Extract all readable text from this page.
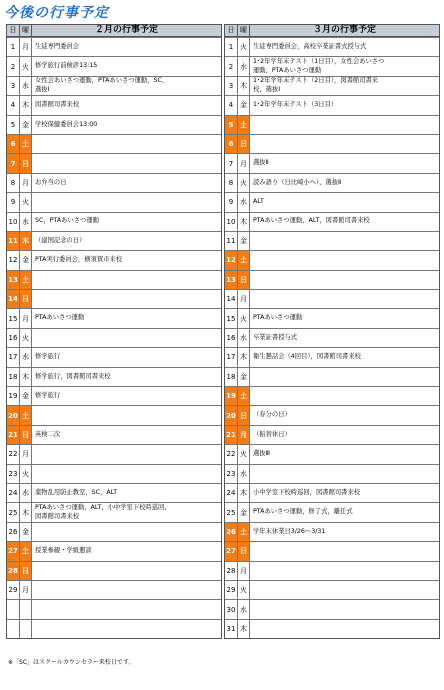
今後の行事予定
日 曜	２月の行事予定
1 月 生徒専門委員会
2 火 修学旅行前検診13:15
3 水
女性会あいさつ運動，PTAあいさつ運動，SC，
選抜Ⅰ
4 木 図書館司書来校
5 金 学校保健委員会13:00
6 土
7 日
8 月 お弁当の日
9 火
10 水 SC，PTAあいさつ運動
11 木 （建国記念の日）
12 金 PTA実行委員会，横須賀市来校
13 土
14 日
15 月 PTAあいさつ運動
16 火
17 水 修学旅行
18 木 修学旅行，図書館司書来校
19 金 修学旅行
20 土
21 日 英検二次
22 月
23 火
24 水 薬物乱用防止教室，SC，ALT
25 木
PTAあいさつ運動，ALT，小中学室下校時巡回，
図書館司書来校
26 金
27 土 授業参観・学級懇談
28 日
29 月
日 曜	３月の行事予定
1 火 生徒専門委員会，高校卒業証書式授与式
2 水
1･2年学年末テスト（1日目），女性会あいさつ
運動，PTAあいさつ運動
3 木
1･2年学年末テスト（2日目），図書館司書来
校，選抜Ⅰ
4 金 1･2年学年末テスト（3日目）
5 土
6 日
7 月 選抜Ⅱ
8 火 読み語り（日比崎小へ），選抜Ⅱ
9 水 ALT
10 木 PTAあいさつ運動，ALT，図書館司書来校
11 金
12 土
13 日
14 月
15 火 PTAあいさつ運動
16 水 卒業証書授与式
17 木 衛生懇話会（4回目），図書館司書来校
18 金
19 土
20 日 （春分の日）
21 月 （振替休日）
22 火 選抜Ⅲ
23 水
24 木 小中学室下校時巡回，図書館司書来校
25 金 PTAあいさつ運動，修了式，離任式
26 土 学年末休業日3/26～3/31
27 日
28 月
29 火
30 水
31 木
※「SC」はスクールカウンセラー来校日です。
